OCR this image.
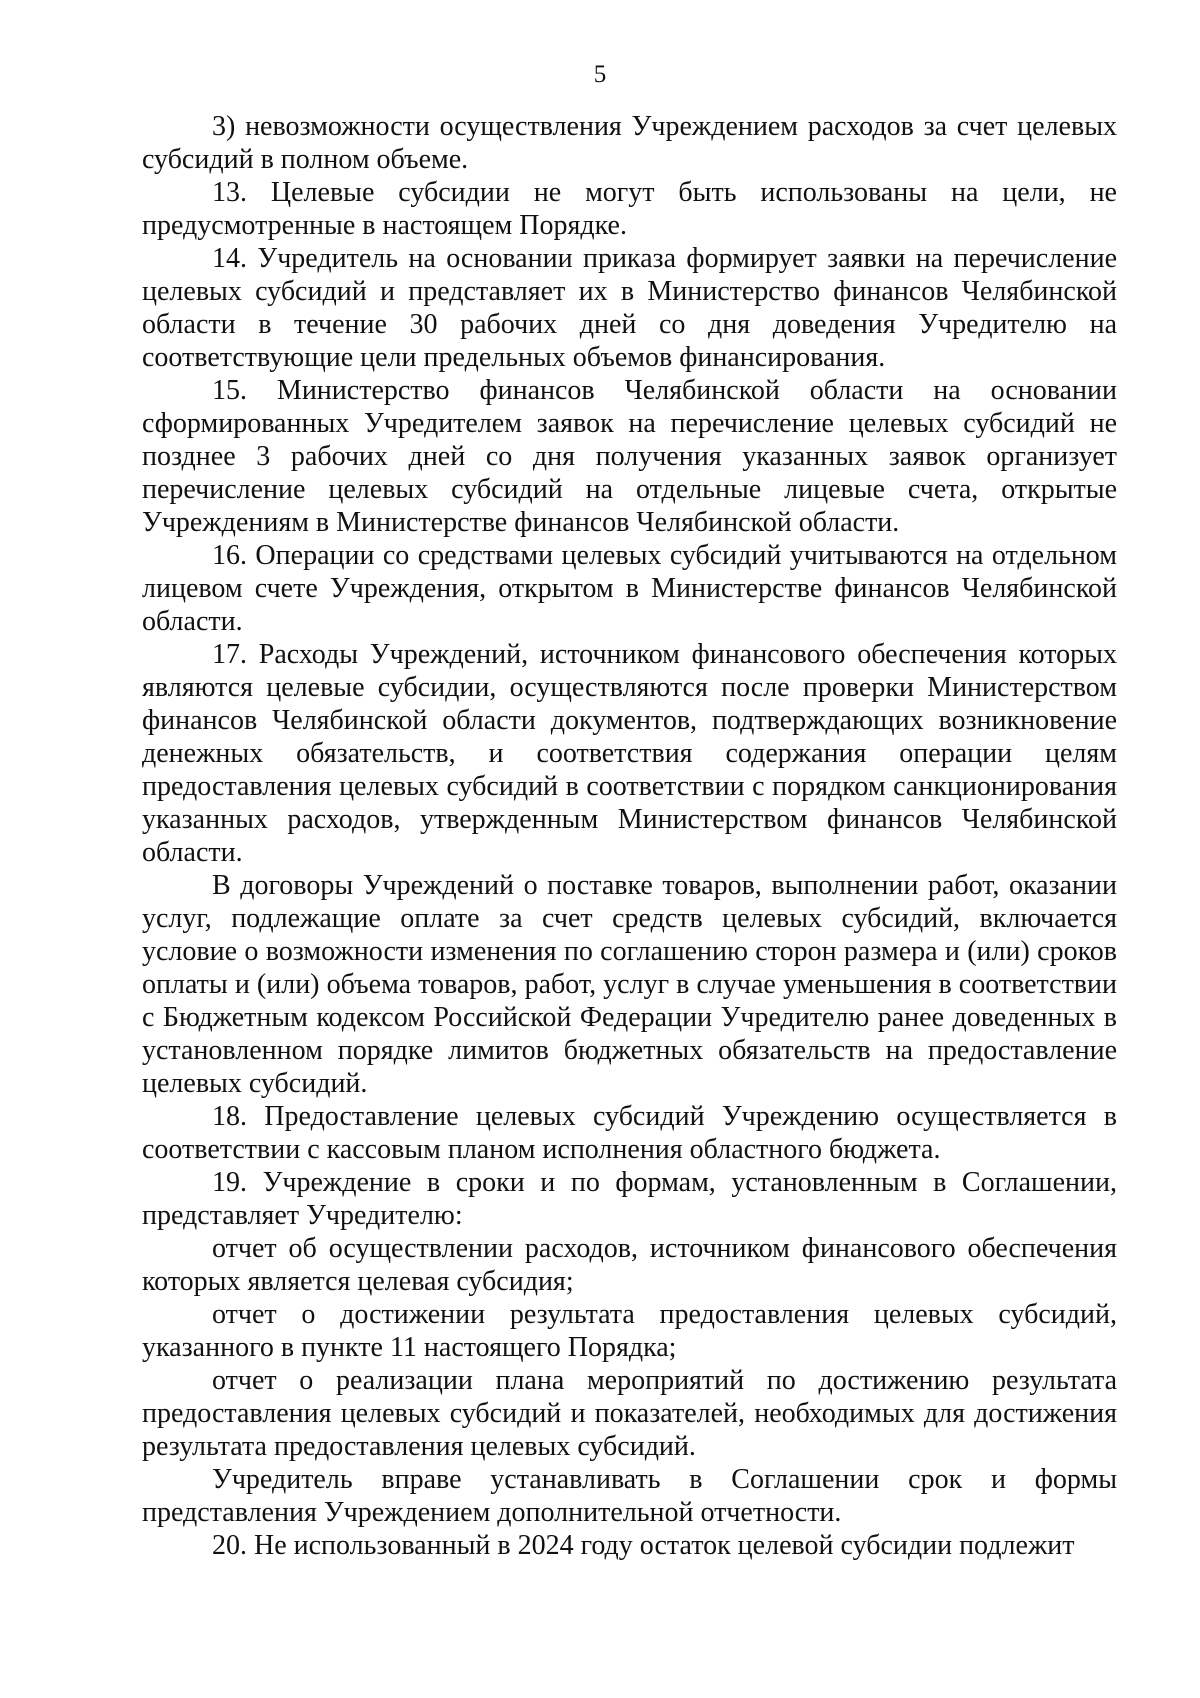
5

3) невозможности осуществления Учреждением расходов за счет целевых субсидий в полном объеме.

13. Целевые субсидии не могут быть использованы на цели, не предусмотренные в настоящем Порядке.

14. Учредитель на основании приказа формирует заявки на перечисление целевых субсидий и представляет их в Министерство финансов Челябинской области в течение 30 рабочих дней со дня доведения Учредителю на соответствующие цели предельных объемов финансирования.

15. Министерство финансов Челябинской области на основании сформированных Учредителем заявок на перечисление целевых субсидий не позднее 3 рабочих дней со дня получения указанных заявок организует перечисление целевых субсидий на отдельные лицевые счета, открытые Учреждениям в Министерстве финансов Челябинской области.

16. Операции со средствами целевых субсидий учитываются на отдельном лицевом счете Учреждения, открытом в Министерстве финансов Челябинской области.

17. Расходы Учреждений, источником финансового обеспечения которых являются целевые субсидии, осуществляются после проверки Министерством финансов Челябинской области документов, подтверждающих возникновение денежных обязательств, и соответствия содержания операции целям предоставления целевых субсидий в соответствии с порядком санкционирования указанных расходов, утвержденным Министерством финансов Челябинской области.

В договоры Учреждений о поставке товаров, выполнении работ, оказании услуг, подлежащие оплате за счет средств целевых субсидий, включается условие о возможности изменения по соглашению сторон размера и (или) сроков оплаты и (или) объема товаров, работ, услуг в случае уменьшения в соответствии с Бюджетным кодексом Российской Федерации Учредителю ранее доведенных в установленном порядке лимитов бюджетных обязательств на предоставление целевых субсидий.

18. Предоставление целевых субсидий Учреждению осуществляется в соответствии с кассовым планом исполнения областного бюджета.

19. Учреждение в сроки и по формам, установленным в Соглашении, представляет Учредителю:

отчет об осуществлении расходов, источником финансового обеспечения которых является целевая субсидия;

отчет о достижении результата предоставления целевых субсидий, указанного в пункте 11 настоящего Порядка;

отчет о реализации плана мероприятий по достижению результата предоставления целевых субсидий и показателей, необходимых для достижения результата предоставления целевых субсидий.

Учредитель вправе устанавливать в Соглашении срок и формы представления Учреждением дополнительной отчетности.

20. Не использованный в 2024 году остаток целевой субсидии подлежит
